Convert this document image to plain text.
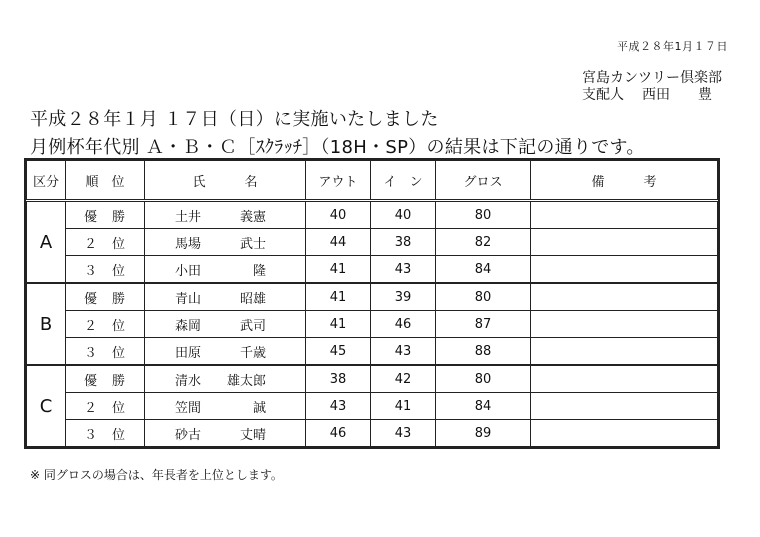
平成２８年1月１７日
宮島カンツリー倶楽部
支配人 西田　　豊
平成２８年１月 １７日（日）に実施いたしました
月例杯年代別 Ａ・Ｂ・Ｃ［ｽｸﾗｯﾁ］（18H・SP）の結果は下記の通りです。
区分	順　位	氏　　　名	アウト	イ　ン	グロス	備　　　考
A	優　勝	土井　　　義憲	40	40	80	
	２　位	馬場　　　武士	44	38	82	
	３　位	小田　　　　隆	41	43	84	
B	優　勝	青山　　　昭雄	41	39	80	
	２　位	森岡　　　武司	41	46	87	
	３　位	田原　　　千歳	45	43	88	
C	優　勝	清水　　雄太郎	38	42	80	
	２　位	笠間　　　　誠	43	41	84	
	３　位	砂古　　　丈晴	46	43	89	
※ 同グロスの場合は、年長者を上位とします。
